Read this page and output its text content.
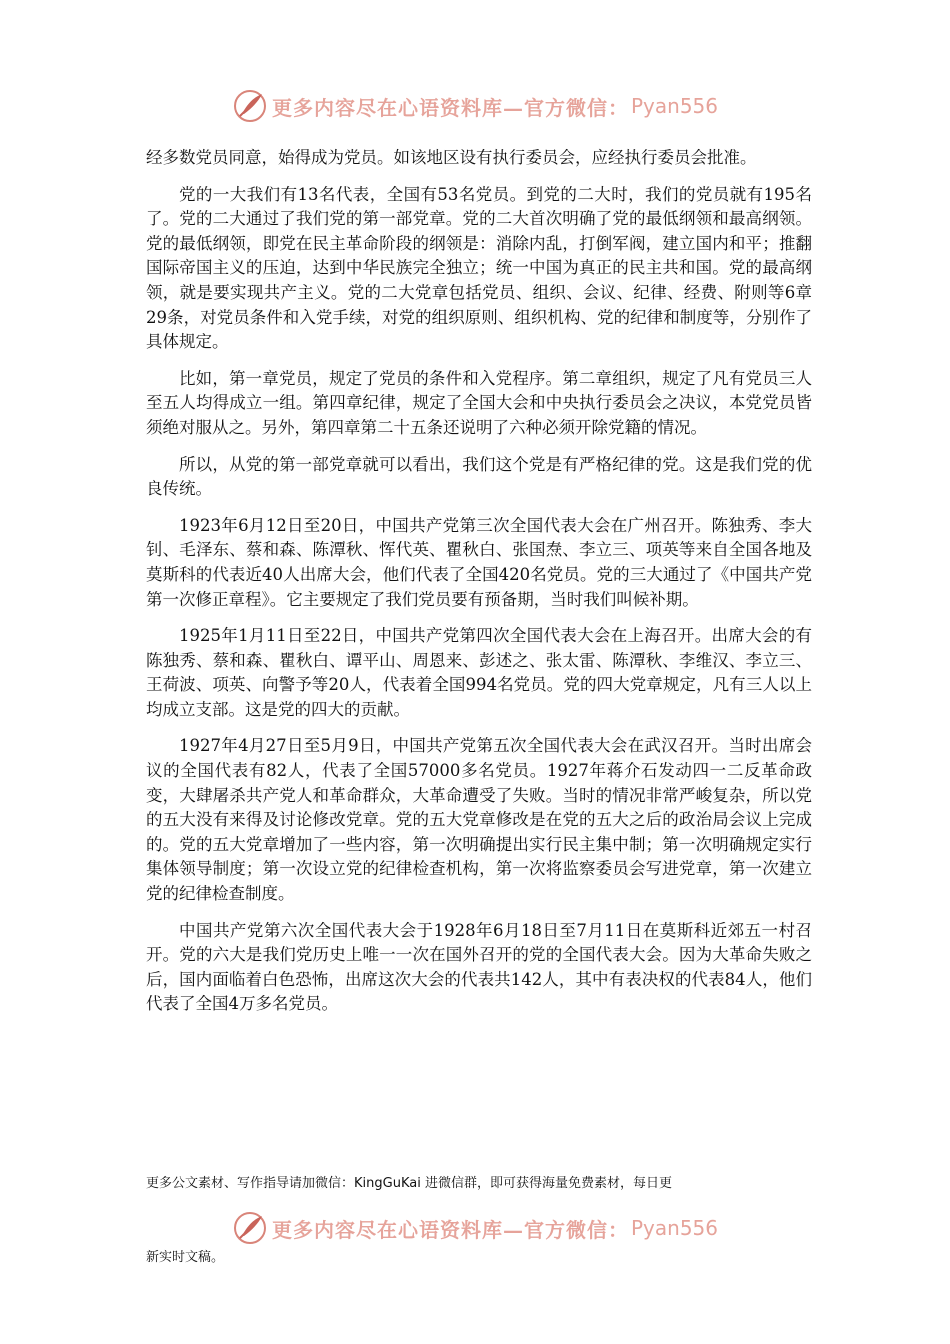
更多内容尽在心语资料库—官方微信： Pyan556

经多数党员同意，始得成为党员。如该地区设有执行委员会，应经执行委员会批准。

党的一大我们有13名代表，全国有53名党员。到党的二大时，我们的党员就有195名了。党的二大通过了我们党的第一部党章。党的二大首次明确了党的最低纲领和最高纲领。党的最低纲领，即党在民主革命阶段的纲领是：消除内乱，打倒军阀，建立国内和平；推翻国际帝国主义的压迫，达到中华民族完全独立；统一中国为真正的民主共和国。党的最高纲领，就是要实现共产主义。党的二大党章包括党员、组织、会议、纪律、经费、附则等6章29条，对党员条件和入党手续，对党的组织原则、组织机构、党的纪律和制度等，分别作了具体规定。

比如，第一章党员，规定了党员的条件和入党程序。第二章组织，规定了凡有党员三人至五人均得成立一组。第四章纪律，规定了全国大会和中央执行委员会之决议，本党党员皆须绝对服从之。另外，第四章第二十五条还说明了六种必须开除党籍的情况。

所以，从党的第一部党章就可以看出，我们这个党是有严格纪律的党。这是我们党的优良传统。

1923年6月12日至20日，中国共产党第三次全国代表大会在广州召开。陈独秀、李大钊、毛泽东、蔡和森、陈潭秋、恽代英、瞿秋白、张国焘、李立三、项英等来自全国各地及莫斯科的代表近40人出席大会，他们代表了全国420名党员。党的三大通过了《中国共产党第一次修正章程》。它主要规定了我们党员要有预备期，当时我们叫候补期。

1925年1月11日至22日，中国共产党第四次全国代表大会在上海召开。出席大会的有陈独秀、蔡和森、瞿秋白、谭平山、周恩来、彭述之、张太雷、陈潭秋、李维汉、李立三、王荷波、项英、向警予等20人，代表着全国994名党员。党的四大党章规定，凡有三人以上均成立支部。这是党的四大的贡献。

1927年4月27日至5月9日，中国共产党第五次全国代表大会在武汉召开。当时出席会议的全国代表有82人，代表了全国57000多名党员。1927年蒋介石发动四一二反革命政变，大肆屠杀共产党人和革命群众，大革命遭受了失败。当时的情况非常严峻复杂，所以党的五大没有来得及讨论修改党章。党的五大党章修改是在党的五大之后的政治局会议上完成的。党的五大党章增加了一些内容，第一次明确提出实行民主集中制；第一次明确规定实行集体领导制度；第一次设立党的纪律检查机构，第一次将监察委员会写进党章，第一次建立党的纪律检查制度。

中国共产党第六次全国代表大会于1928年6月18日至7月11日在莫斯科近郊五一村召开。党的六大是我们党历史上唯一一次在国外召开的党的全国代表大会。因为大革命失败之后，国内面临着白色恐怖，出席这次大会的代表共142人，其中有表决权的代表84人，他们代表了全国4万多名党员。

更多公文素材、写作指导请加微信：KingGuKai 进微信群，即可获得海量免费素材，每日更
更多内容尽在心语资料库—官方微信： Pyan556
新实时文稿。
